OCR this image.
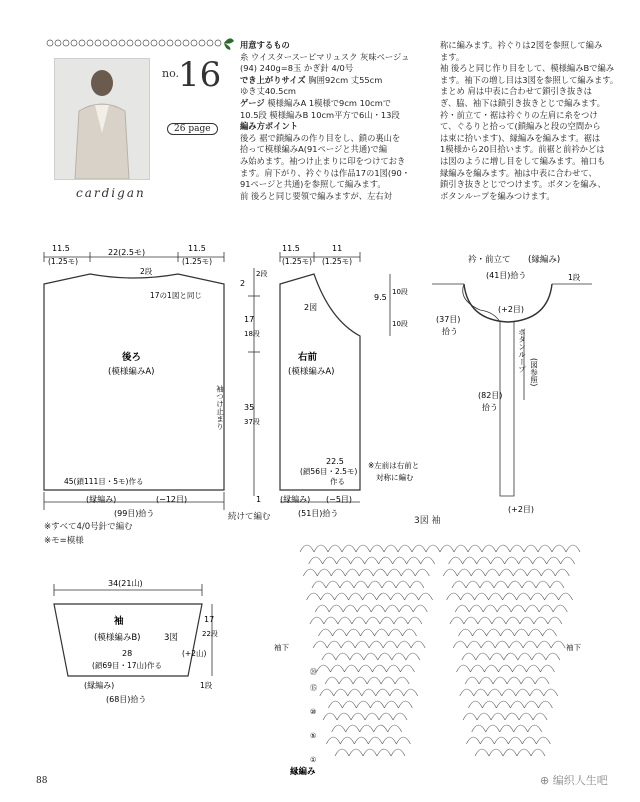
cardigan
no.
16
26 page

用意するもの

糸 ウイスタースーピマリュスク 灰味ベージュ

(94) 240g=8玉 かぎ針 4/0号

でき上がりサイズ 胸囲92cm 丈55cm

ゆき丈40.5cm

ゲージ 模様編みA 1模様で9cm 10cmで

10.5段 模様編みB 10cm平方で6山・13段

編み方ポイント

後ろ 裾で鎖編みの作り目をし、鎖の裏山を

拾って模様編みA(91ページと共通)で編

み始めます。袖つけ止まりに印をつけておき

ます。肩下がり、衿ぐりは作品17の1図(90・

91ページと共通)を参照して編みます。

前 後ろと同じ要領で編みますが、左右対

称に編みます。衿ぐりは2図を参照して編み

ます。

袖 後ろと同じ作り目をして、模様編みBで編み

ます。袖下の増し目は3図を参照して編みます。

まとめ 肩は中表に合わせて鎖引き抜きは

ぎ、脇、袖下は鎖引き抜きとじで編みます。

衿・前立て・裾は衿ぐりの左肩に糸をつけ

て、ぐるりと拾って(鎖編みと段の空間から

は束に拾います)、縁編みを編みます。裾は

1模様から20目拾います。前裾と前衿かどは

は図のように増し目をして編みます。袖口も

縁編みを編みます。袖は中表に合わせて、

鎖引き抜きとじでつけます。ボタンを編み、

ボタンループを編みつけます。

11.5
(1.25モ)
22(2.5モ)	11.5
(1.25モ)
2段
17の1図と同じ
後ろ
(模様編みA)
袖つけ止まり
45(鎖111目・5モ)作る
(縁編み)	(−12目)
(99目)拾う
2
2段
17
18段
35
37段
1
続けて編む
11.5
(1.25モ)
11
(1.25モ)
2図
9.5
10段
10段
右前
(模様編みA)
22.5
(鎖56目・2.5モ)
作る
(縁編み) (−5目)
(51目)拾う
※左前は右前と
対称に編む
※すべて4/0号針で編む
※モ=模様
衿・前立て (縁編み)
(41目)拾う	1段
(+2目)
(37目)
拾う	ボタンループ (図参照)
(82目)
拾う
(+2目)
34(21山)
袖
(模様編みB)	3図
17
22段
(+2山)
28
(鎖69目・17山)作る
(縁編み)
(68目)拾う
1段
3図 袖
袖下	袖下
⑳
⑮
⑩
⑤
①
縁編み
88	⊕ 编织人生吧
